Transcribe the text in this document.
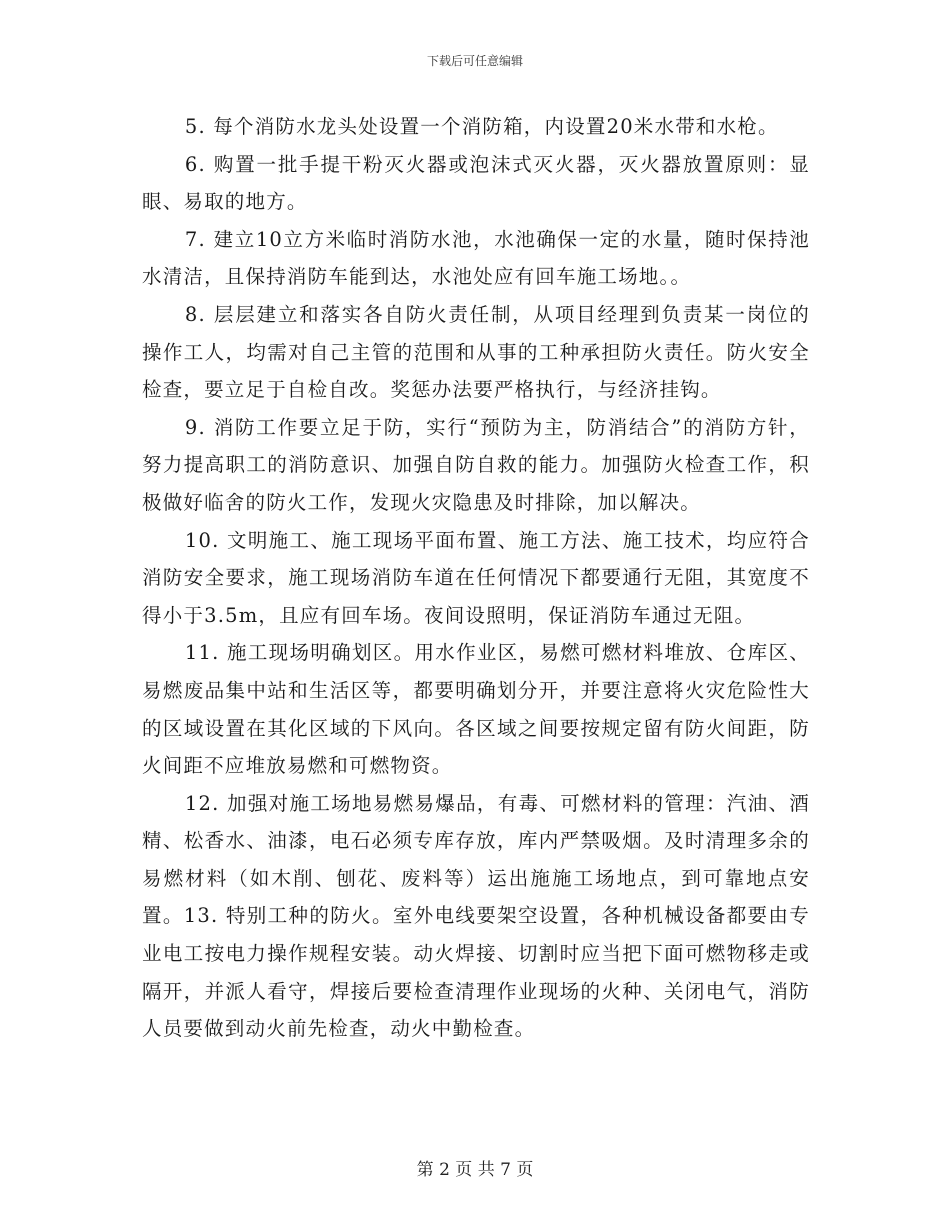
下载后可任意编辑

5. 每个消防水龙头处设置一个消防箱，内设置20米水带和水枪。

6. 购置一批手提干粉灭火器或泡沫式灭火器，灭火器放置原则：显眼、易取的地方。

7. 建立10立方米临时消防水池，水池确保一定的水量，随时保持池水清洁，且保持消防车能到达，水池处应有回车施工场地。。

8. 层层建立和落实各自防火责任制，从项目经理到负责某一岗位的操作工人，均需对自己主管的范围和从事的工种承担防火责任。防火安全检查，要立足于自检自改。奖惩办法要严格执行，与经济挂钩。

9. 消防工作要立足于防，实行“预防为主，防消结合”的消防方针，努力提高职工的消防意识、加强自防自救的能力。加强防火检查工作，积极做好临舍的防火工作，发现火灾隐患及时排除，加以解决。

10. 文明施工、施工现场平面布置、施工方法、施工技术，均应符合消防安全要求，施工现场消防车道在任何情况下都要通行无阻，其宽度不得小于3.5m，且应有回车场。夜间设照明，保证消防车通过无阻。

11. 施工现场明确划区。用水作业区，易燃可燃材料堆放、仓库区、易燃废品集中站和生活区等，都要明确划分开，并要注意将火灾危险性大的区域设置在其化区域的下风向。各区域之间要按规定留有防火间距，防火间距不应堆放易燃和可燃物资。

12. 加强对施工场地易燃易爆品，有毒、可燃材料的管理：汽油、酒精、松香水、油漆，电石必须专库存放，库内严禁吸烟。及时清理多余的易燃材料（如木削、刨花、废料等）运出施施工场地点，到可靠地点安置。13. 特别工种的防火。室外电线要架空设置，各种机械设备都要由专业电工按电力操作规程安装。动火焊接、切割时应当把下面可燃物移走或隔开，并派人看守，焊接后要检查清理作业现场的火种、关闭电气，消防人员要做到动火前先检查，动火中勤检查。

第 2 页 共 7 页
